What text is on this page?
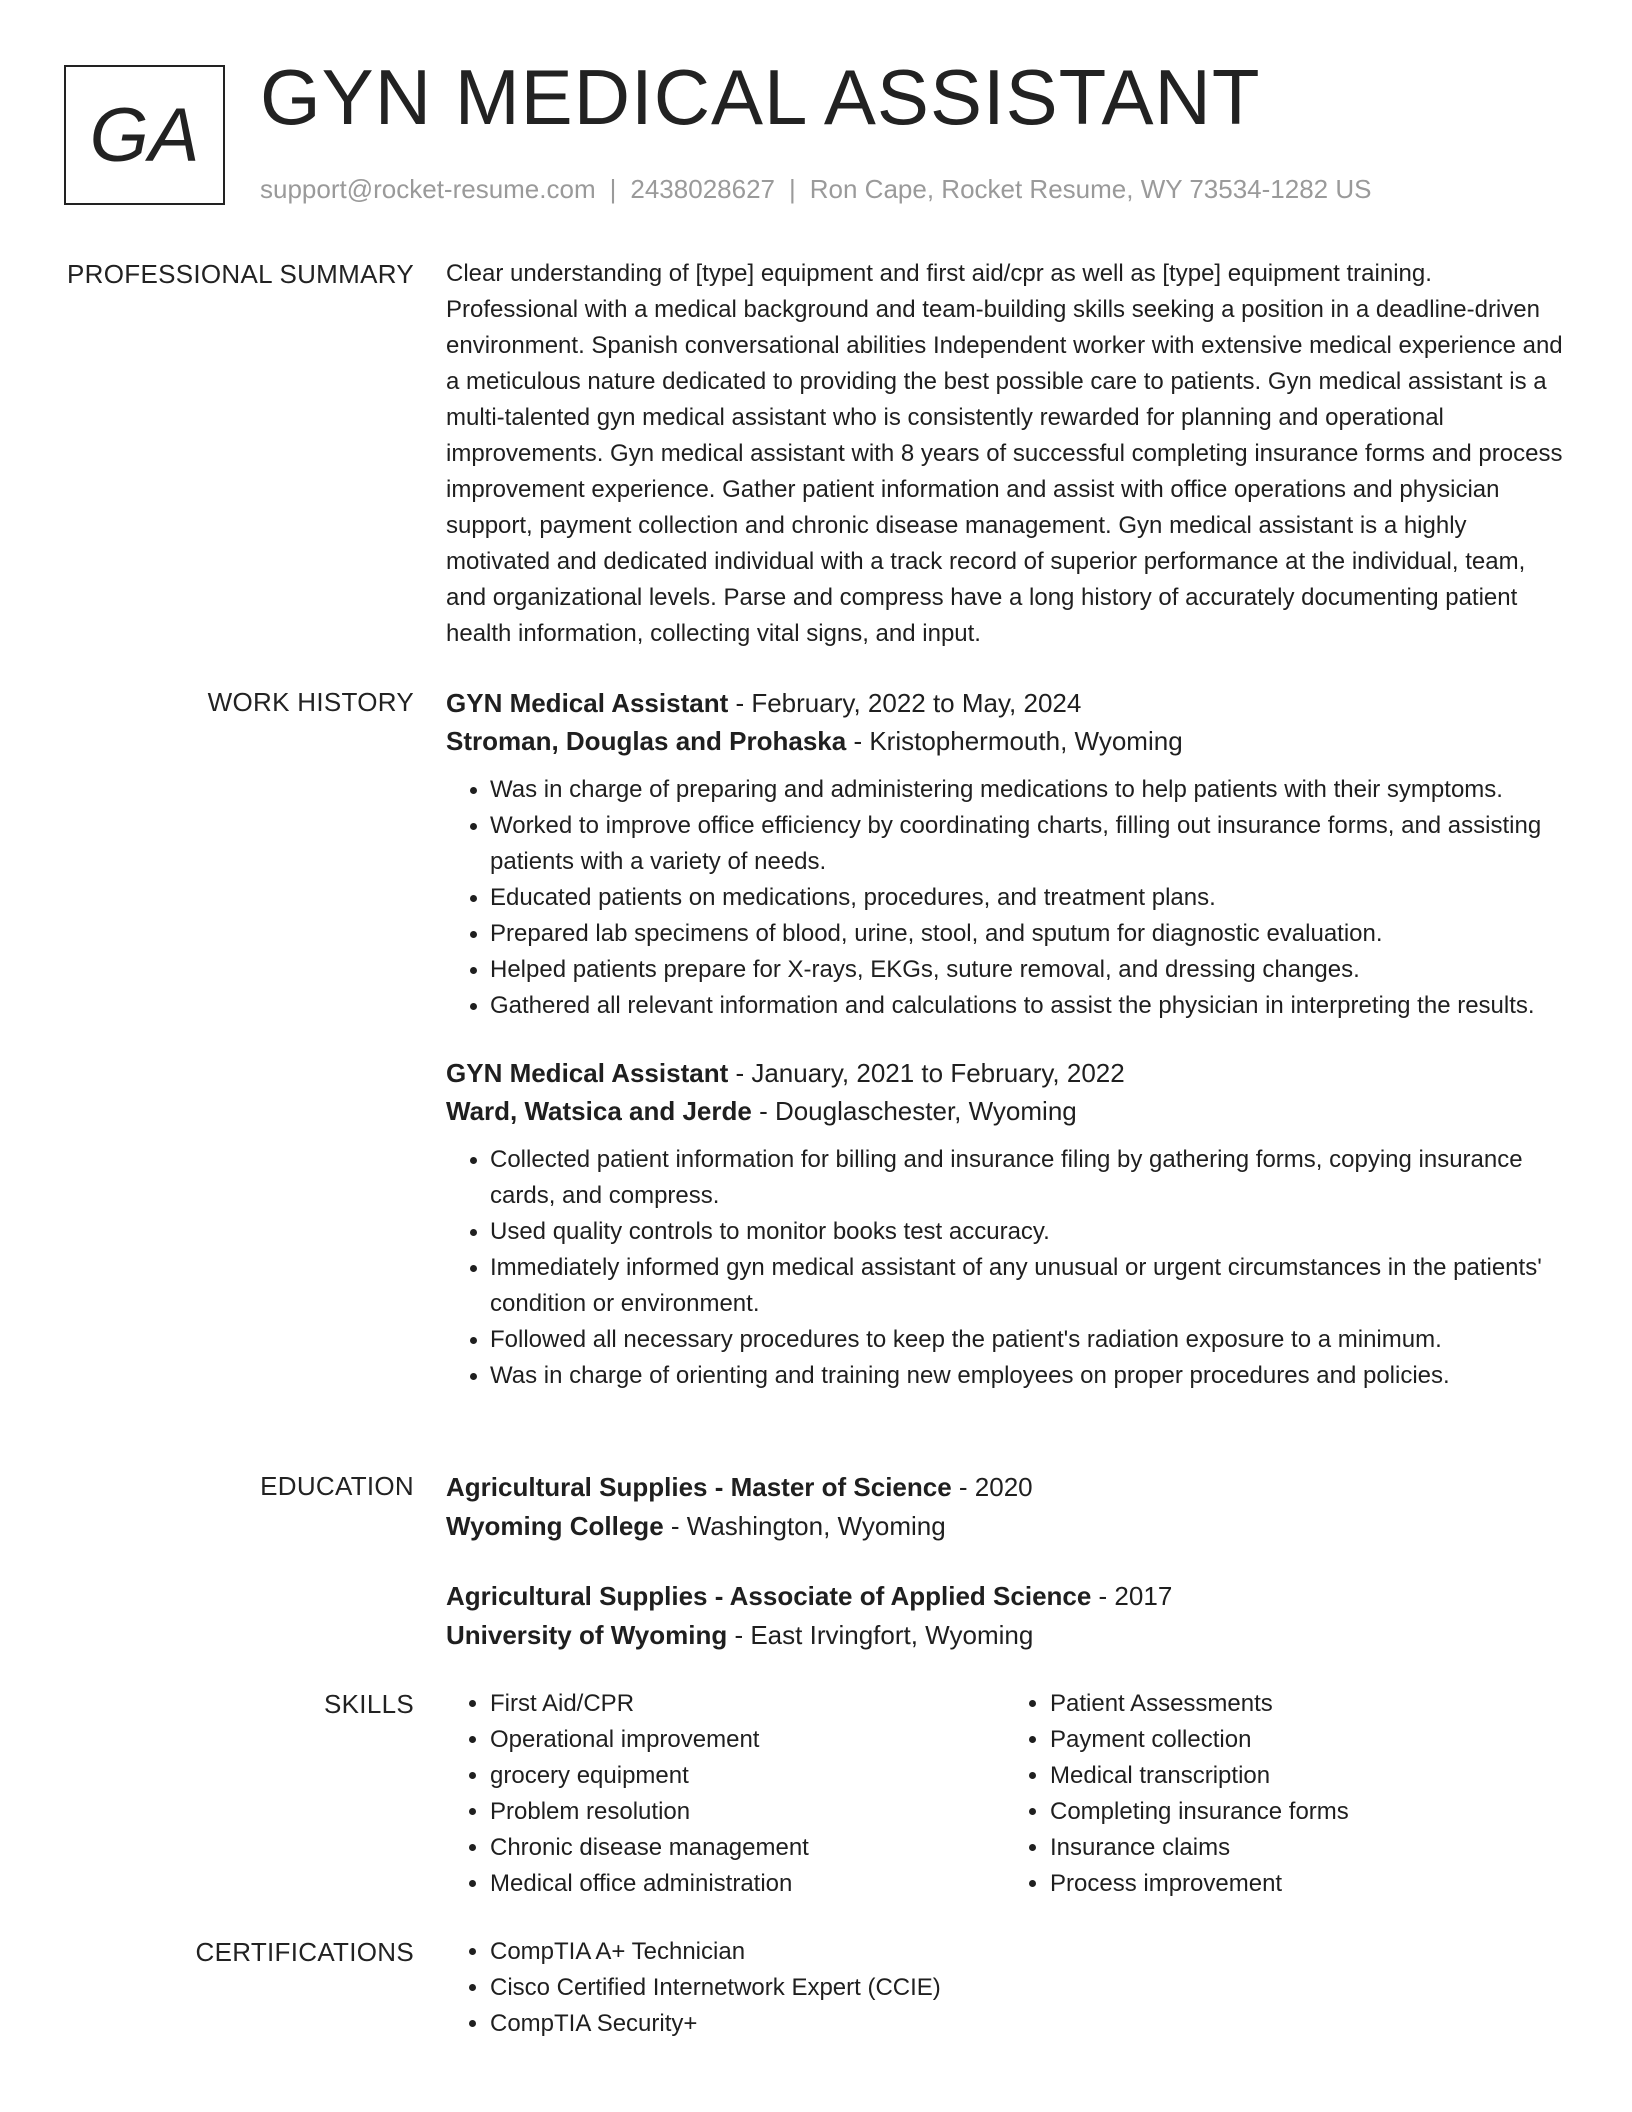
GA GYN MEDICAL ASSISTANT
support@rocket-resume.com | 2438028627 | Ron Cape, Rocket Resume, WY 73534-1282 US
PROFESSIONAL SUMMARY Clear understanding of [type] equipment and first aid/cpr as well as [type] equipment training. Professional with a medical background and team-building skills seeking a position in a deadline-driven environment. Spanish conversational abilities Independent worker with extensive medical experience and a meticulous nature dedicated to providing the best possible care to patients. Gyn medical assistant is a multi-talented gyn medical assistant who is consistently rewarded for planning and operational improvements. Gyn medical assistant with 8 years of successful completing insurance forms and process improvement experience. Gather patient information and assist with office operations and physician support, payment collection and chronic disease management. Gyn medical assistant is a highly motivated and dedicated individual with a track record of superior performance at the individual, team, and organizational levels. Parse and compress have a long history of accurately documenting patient health information, collecting vital signs, and input.

WORK HISTORY GYN Medical Assistant - February, 2022 to May, 2024
Stroman, Douglas and Prohaska - Kristophermouth, Wyoming
• Was in charge of preparing and administering medications to help patients with their symptoms.
• Worked to improve office efficiency by coordinating charts, filling out insurance forms, and assisting patients with a variety of needs.
• Educated patients on medications, procedures, and treatment plans.
• Prepared lab specimens of blood, urine, stool, and sputum for diagnostic evaluation.
• Helped patients prepare for X-rays, EKGs, suture removal, and dressing changes.
• Gathered all relevant information and calculations to assist the physician in interpreting the results.
GYN Medical Assistant - January, 2021 to February, 2022
Ward, Watsica and Jerde - Douglaschester, Wyoming
• Collected patient information for billing and insurance filing by gathering forms, copying insurance cards, and compress.
• Used quality controls to monitor books test accuracy.
• Immediately informed gyn medical assistant of any unusual or urgent circumstances in the patients' condition or environment.
• Followed all necessary procedures to keep the patient's radiation exposure to a minimum.
• Was in charge of orienting and training new employees on proper procedures and policies.
EDUCATION Agricultural Supplies - Master of Science - 2020
Wyoming College - Washington, Wyoming
Agricultural Supplies - Associate of Applied Science - 2017
University of Wyoming - East Irvingfort, Wyoming
SKILLS	• First Aid/CPR
• Operational improvement
• grocery equipment
• Problem resolution
• Chronic disease management
• Medical office administration
• Patient Assessments
• Payment collection
• Medical transcription
• Completing insurance forms
• Insurance claims
• Process improvement
CERTIFICATIONS	• CompTIA A+ Technician
• Cisco Certified Internetwork Expert (CCIE)
• CompTIA Security+
